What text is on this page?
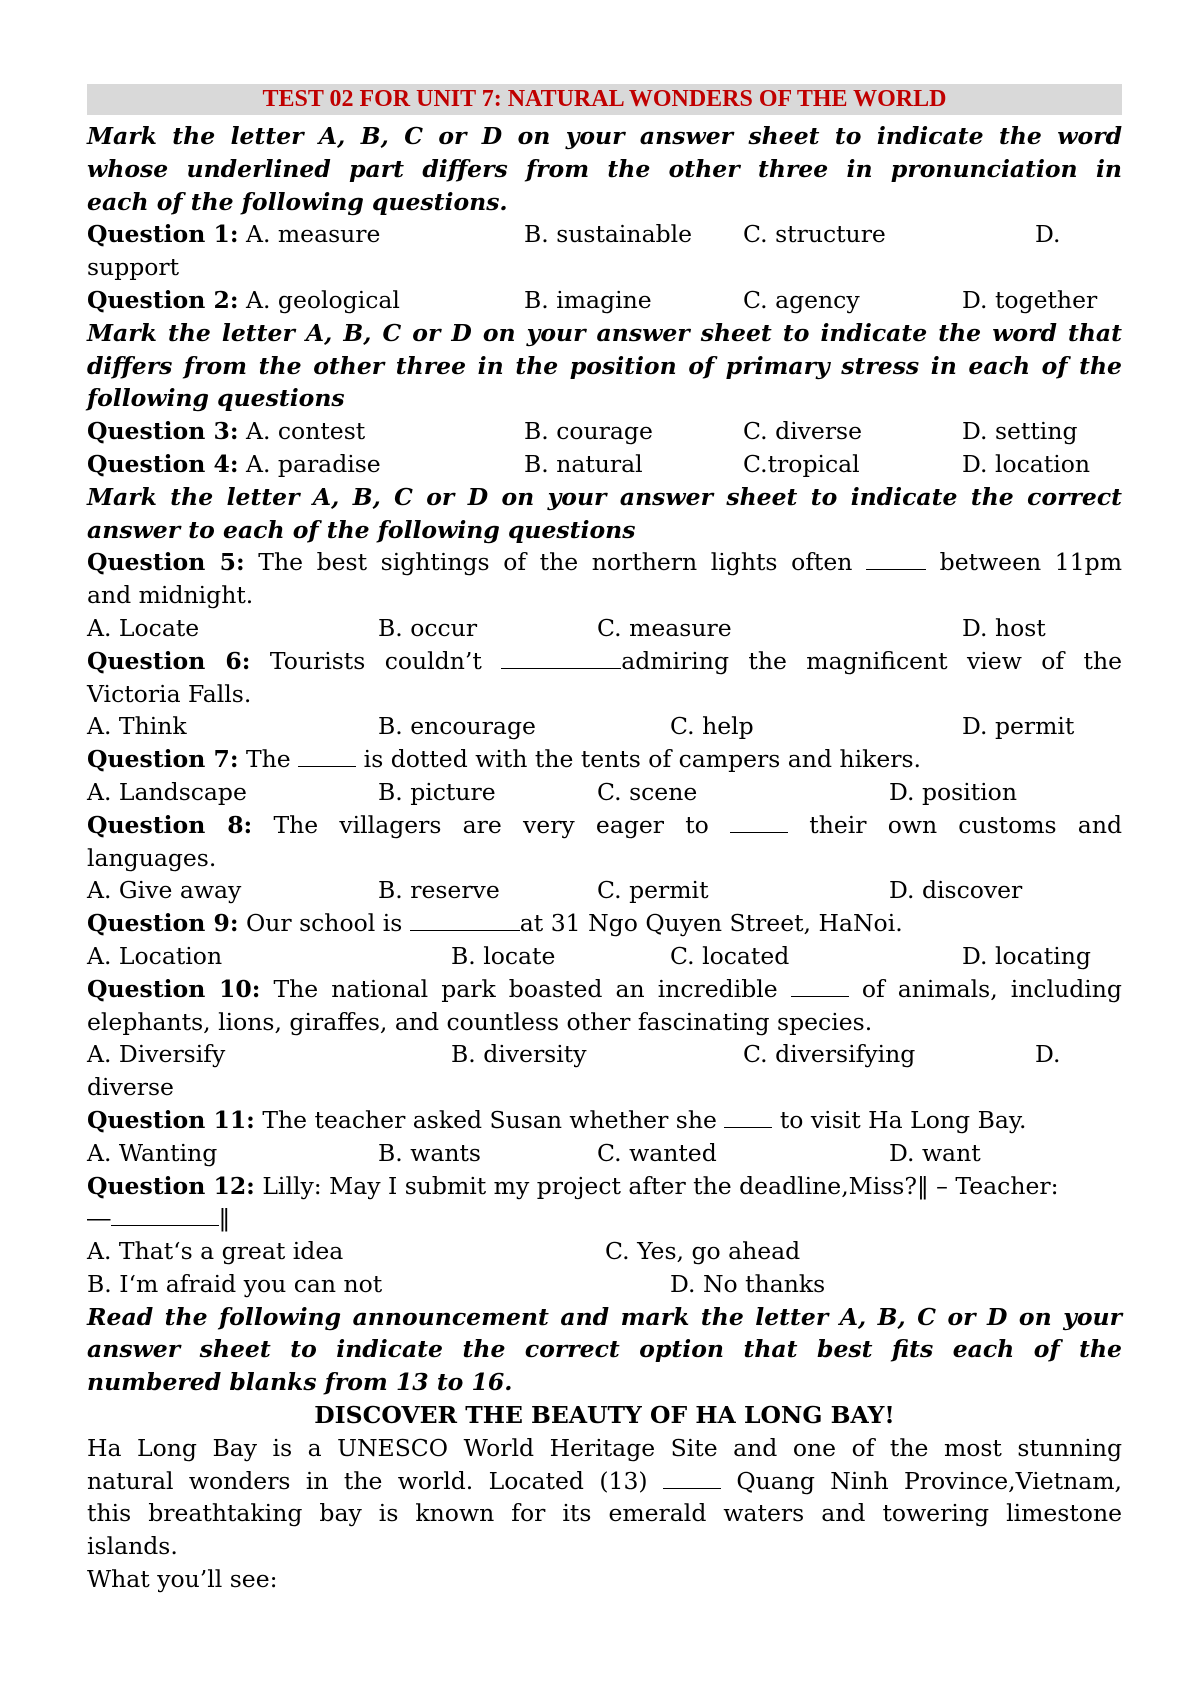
TEST 02 FOR UNIT 7: NATURAL WONDERS OF THE WORLD
Mark the letter A, B, C or D on your answer sheet to indicate the word
whose underlined part differs from the other three in pronunciation in
each of the following questions.
Question 1: A. measure	B. sustainable C. structure	D.
support
Question 2: A. geological	B. imagine	C. agency	D. together
Mark the letter A, B, C or D on your answer sheet to indicate the word that
differs from the other three in the position of primary stress in each of the
following questions
Question 3: A. contest	B. courage	C. diverse	D. setting
Question 4: A. paradise	B. natural	C.tropical	D. location
Mark the letter A, B, C or D on your answer sheet to indicate the correct
answer to each of the following questions
Question 5: The best sightings of the northern lights often	between 11pm
and midnight.
A. Locate	B. occur	C. measure	D. host
Question 6: Tourists couldn’t	admiring the magnificent view of the
Victoria Falls.
A. Think	B. encourage	C. help	D. permit
Question 7: The	is dotted with the tents of campers and hikers.
A. Landscape	B. picture	C. scene	D. position
Question 8: The villagers are very eager to	their own customs and
languages.
A. Give away	B. reserve	C. permit	D. discover
Question 9: Our school is	at 31 Ngo Quyen Street, HaNoi.
A. Location	B. locate	C. located	D. locating
Question 10: The national park boasted an incredible	of animals, including
elephants, lions, giraffes, and countless other fascinating species.
A. Diversify	B. diversity	C. diversifying	D.
diverse
Question 11: The teacher asked Susan whether she	to visit Ha Long Bay.
A. Wanting	B. wants	C. wanted	D. want
Question 12: Lilly: May I submit my project after the deadline,Miss?‖ – Teacher:
―	‖
A. That‘s a great idea	C. Yes, go ahead
B. I‘m afraid you can not	D. No thanks
Read the following announcement and mark the letter A, B, C or D on your
answer sheet to indicate the correct option that best fits each of the
numbered blanks from 13 to 16.
DISCOVER THE BEAUTY OF HA LONG BAY!
Ha Long Bay is a UNESCO World Heritage Site and one of the most stunning
natural wonders in the world. Located (13)	Quang Ninh Province,Vietnam,
this breathtaking bay is known for its emerald waters and towering limestone
islands.
What you’ll see:
